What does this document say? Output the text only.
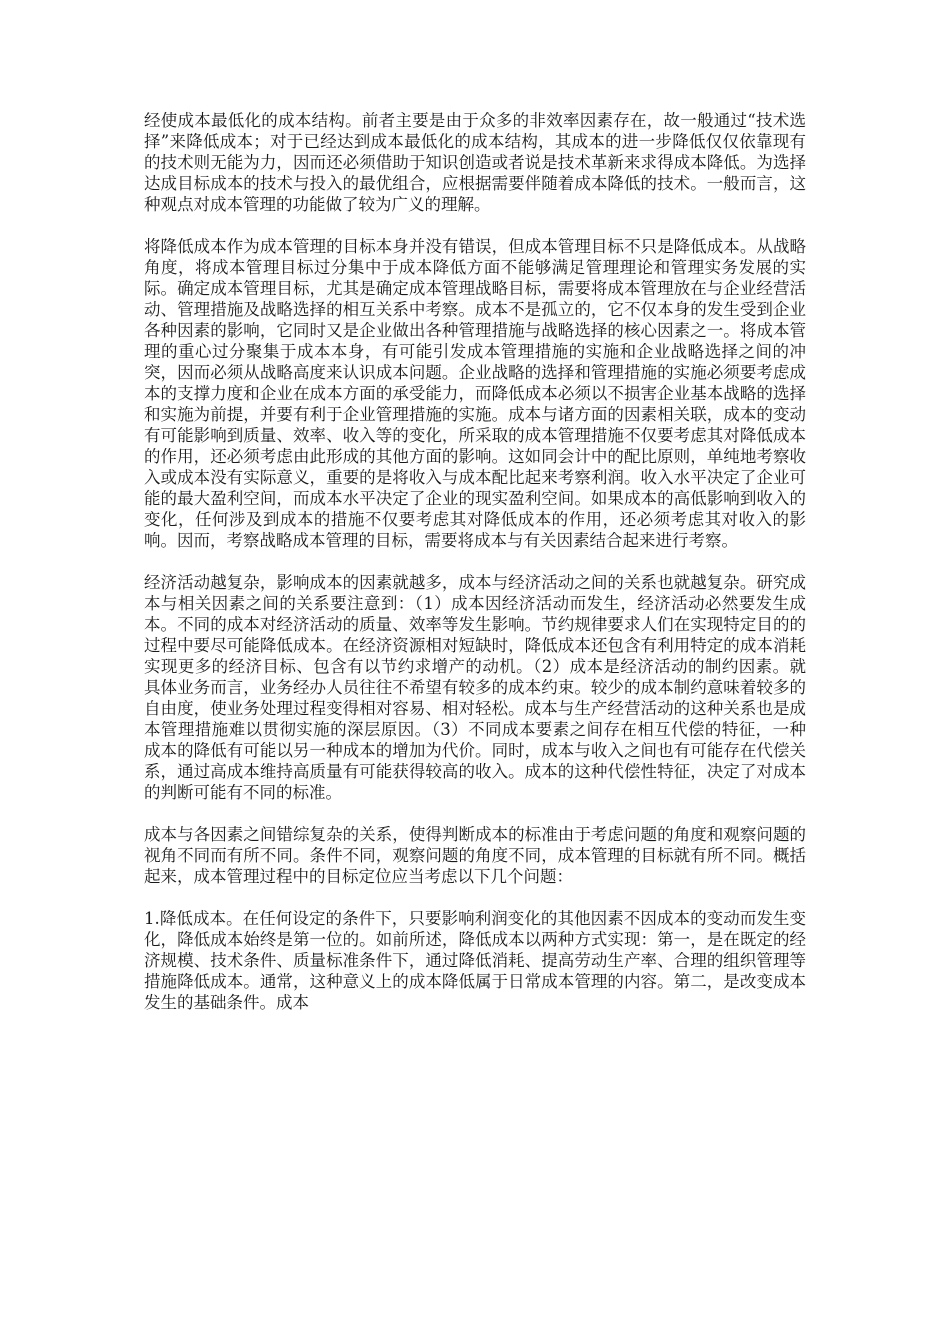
经使成本最低化的成本结构。前者主要是由于众多的非效率因素存在，故一般通过“技术选择”来降低成本；对于已经达到成本最低化的成本结构，其成本的进一步降低仅仅依靠现有的技术则无能为力，因而还必须借助于知识创造或者说是技术革新来求得成本降低。为选择达成目标成本的技术与投入的最优组合，应根据需要伴随着成本降低的技术。一般而言，这种观点对成本管理的功能做了较为广义的理解。

将降低成本作为成本管理的目标本身并没有错误，但成本管理目标不只是降低成本。从战略角度，将成本管理目标过分集中于成本降低方面不能够满足管理理论和管理实务发展的实际。确定成本管理目标，尤其是确定成本管理战略目标，需要将成本管理放在与企业经营活动、管理措施及战略选择的相互关系中考察。成本不是孤立的，它不仅本身的发生受到企业各种因素的影响，它同时又是企业做出各种管理措施与战略选择的核心因素之一。将成本管理的重心过分聚集于成本本身，有可能引发成本管理措施的实施和企业战略选择之间的冲突，因而必须从战略高度来认识成本问题。企业战略的选择和管理措施的实施必须要考虑成本的支撑力度和企业在成本方面的承受能力，而降低成本必须以不损害企业基本战略的选择和实施为前提，并要有利于企业管理措施的实施。成本与诸方面的因素相关联，成本的变动有可能影响到质量、效率、收入等的变化，所采取的成本管理措施不仅要考虑其对降低成本的作用，还必须考虑由此形成的其他方面的影响。这如同会计中的配比原则，单纯地考察收入或成本没有实际意义，重要的是将收入与成本配比起来考察利润。收入水平决定了企业可能的最大盈利空间，而成本水平决定了企业的现实盈利空间。如果成本的高低影响到收入的变化，任何涉及到成本的措施不仅要考虑其对降低成本的作用，还必须考虑其对收入的影响。因而，考察战略成本管理的目标，需要将成本与有关因素结合起来进行考察。

经济活动越复杂，影响成本的因素就越多，成本与经济活动之间的关系也就越复杂。研究成本与相关因素之间的关系要注意到：（1）成本因经济活动而发生，经济活动必然要发生成本。不同的成本对经济活动的质量、效率等发生影响。节约规律要求人们在实现特定目的的过程中要尽可能降低成本。在经济资源相对短缺时，降低成本还包含有利用特定的成本消耗实现更多的经济目标、包含有以节约求增产的动机。（2）成本是经济活动的制约因素。就具体业务而言，业务经办人员往往不希望有较多的成本约束。较少的成本制约意味着较多的自由度，使业务处理过程变得相对容易、相对轻松。成本与生产经营活动的这种关系也是成本管理措施难以贯彻实施的深层原因。（3）不同成本要素之间存在相互代偿的特征，一种成本的降低有可能以另一种成本的增加为代价。同时，成本与收入之间也有可能存在代偿关系，通过高成本维持高质量有可能获得较高的收入。成本的这种代偿性特征，决定了对成本的判断可能有不同的标准。

成本与各因素之间错综复杂的关系，使得判断成本的标准由于考虑问题的角度和观察问题的视角不同而有所不同。条件不同，观察问题的角度不同，成本管理的目标就有所不同。概括起来，成本管理过程中的目标定位应当考虑以下几个问题：

1.降低成本。在任何设定的条件下，只要影响利润变化的其他因素不因成本的变动而发生变化，降低成本始终是第一位的。如前所述，降低成本以两种方式实现：第一，是在既定的经济规模、技术条件、质量标准条件下，通过降低消耗、提高劳动生产率、合理的组织管理等措施降低成本。通常，这种意义上的成本降低属于日常成本管理的内容。第二，是改变成本发生的基础条件。成本
